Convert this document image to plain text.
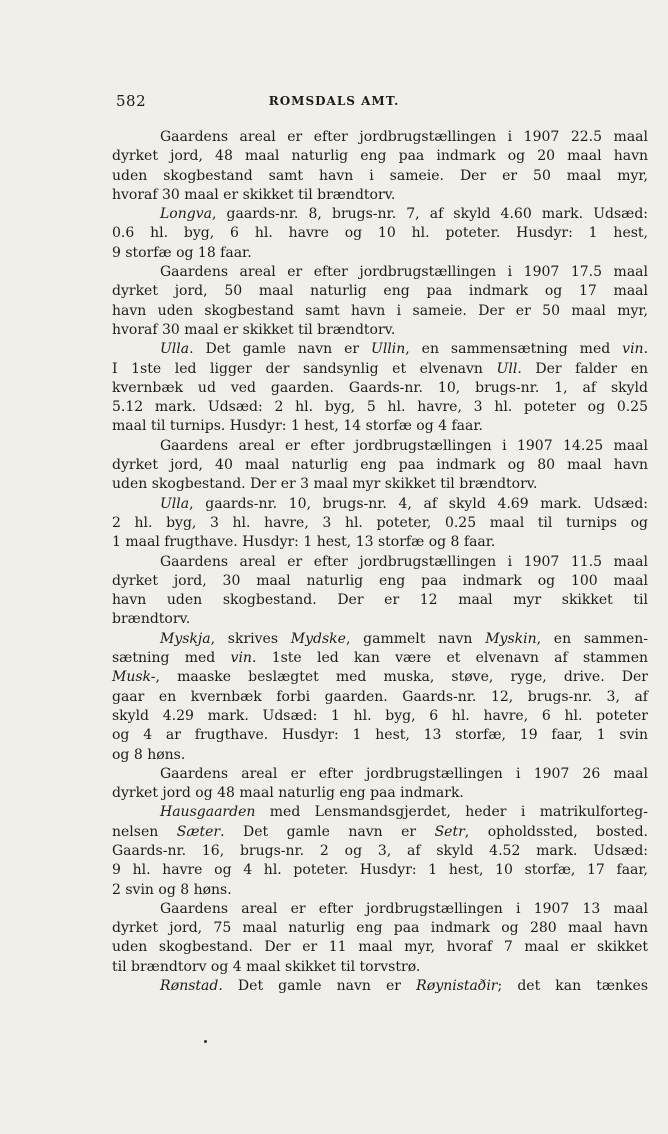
582	ROMSDALS AMT.
Gaardens areal er efter jordbrugstællingen i 1907 22.5 maal
dyrket jord, 48 maal naturlig eng paa indmark og 20 maal havn
uden skogbestand samt havn i sameie. Der er 50 maal myr,
hvoraf 30 maal er skikket til brændtorv.
Longva, gaards-nr. 8, brugs-nr. 7, af skyld 4.60 mark. Udsæd:
0.6 hl. byg, 6 hl. havre og 10 hl. poteter. Husdyr: 1 hest,
9 storfæ og 18 faar.
Gaardens areal er efter jordbrugstællingen i 1907 17.5 maal
dyrket jord, 50 maal naturlig eng paa indmark og 17 maal
havn uden skogbestand samt havn i sameie. Der er 50 maal myr,
hvoraf 30 maal er skikket til brændtorv.
Ulla. Det gamle navn er Ullin, en sammensætning med vin.
I 1ste led ligger der sandsynlig et elvenavn Ull. Der falder en
kvernbæk ud ved gaarden. Gaards-nr. 10, brugs-nr. 1, af skyld
5.12 mark. Udsæd: 2 hl. byg, 5 hl. havre, 3 hl. poteter og 0.25
maal til turnips. Husdyr: 1 hest, 14 storfæ og 4 faar.
Gaardens areal er efter jordbrugstællingen i 1907 14.25 maal
dyrket jord, 40 maal naturlig eng paa indmark og 80 maal havn
uden skogbestand. Der er 3 maal myr skikket til brændtorv.
Ulla, gaards-nr. 10, brugs-nr. 4, af skyld 4.69 mark. Udsæd:
2 hl. byg, 3 hl. havre, 3 hl. poteter, 0.25 maal til turnips og
1 maal frugthave. Husdyr: 1 hest, 13 storfæ og 8 faar.
Gaardens areal er efter jordbrugstællingen i 1907 11.5 maal
dyrket jord, 30 maal naturlig eng paa indmark og 100 maal
havn uden skogbestand. Der er 12 maal myr skikket til
brændtorv.
Myskja, skrives Mydske, gammelt navn Myskin, en sammen-
sætning med vin. 1ste led kan være et elvenavn af stammen
Musk-, maaske beslægtet med muska, støve, ryge, drive. Der
gaar en kvernbæk forbi gaarden. Gaards-nr. 12, brugs-nr. 3, af
skyld 4.29 mark. Udsæd: 1 hl. byg, 6 hl. havre, 6 hl. poteter
og 4 ar frugthave. Husdyr: 1 hest, 13 storfæ, 19 faar, 1 svin
og 8 høns.
Gaardens areal er efter jordbrugstællingen i 1907 26 maal
dyrket jord og 48 maal naturlig eng paa indmark.
Hausgaarden med Lensmandsgjerdet, heder i matrikulforteg-
nelsen Sæter. Det gamle navn er Setr, opholdssted, bosted.
Gaards-nr. 16, brugs-nr. 2 og 3, af skyld 4.52 mark. Udsæd:
9 hl. havre og 4 hl. poteter. Husdyr: 1 hest, 10 storfæ, 17 faar,
2 svin og 8 høns.
Gaardens areal er efter jordbrugstællingen i 1907 13 maal
dyrket jord, 75 maal naturlig eng paa indmark og 280 maal havn
uden skogbestand. Der er 11 maal myr, hvoraf 7 maal er skikket
til brændtorv og 4 maal skikket til torvstrø.
Rønstad. Det gamle navn er Røynistaðir; det kan tænkes
